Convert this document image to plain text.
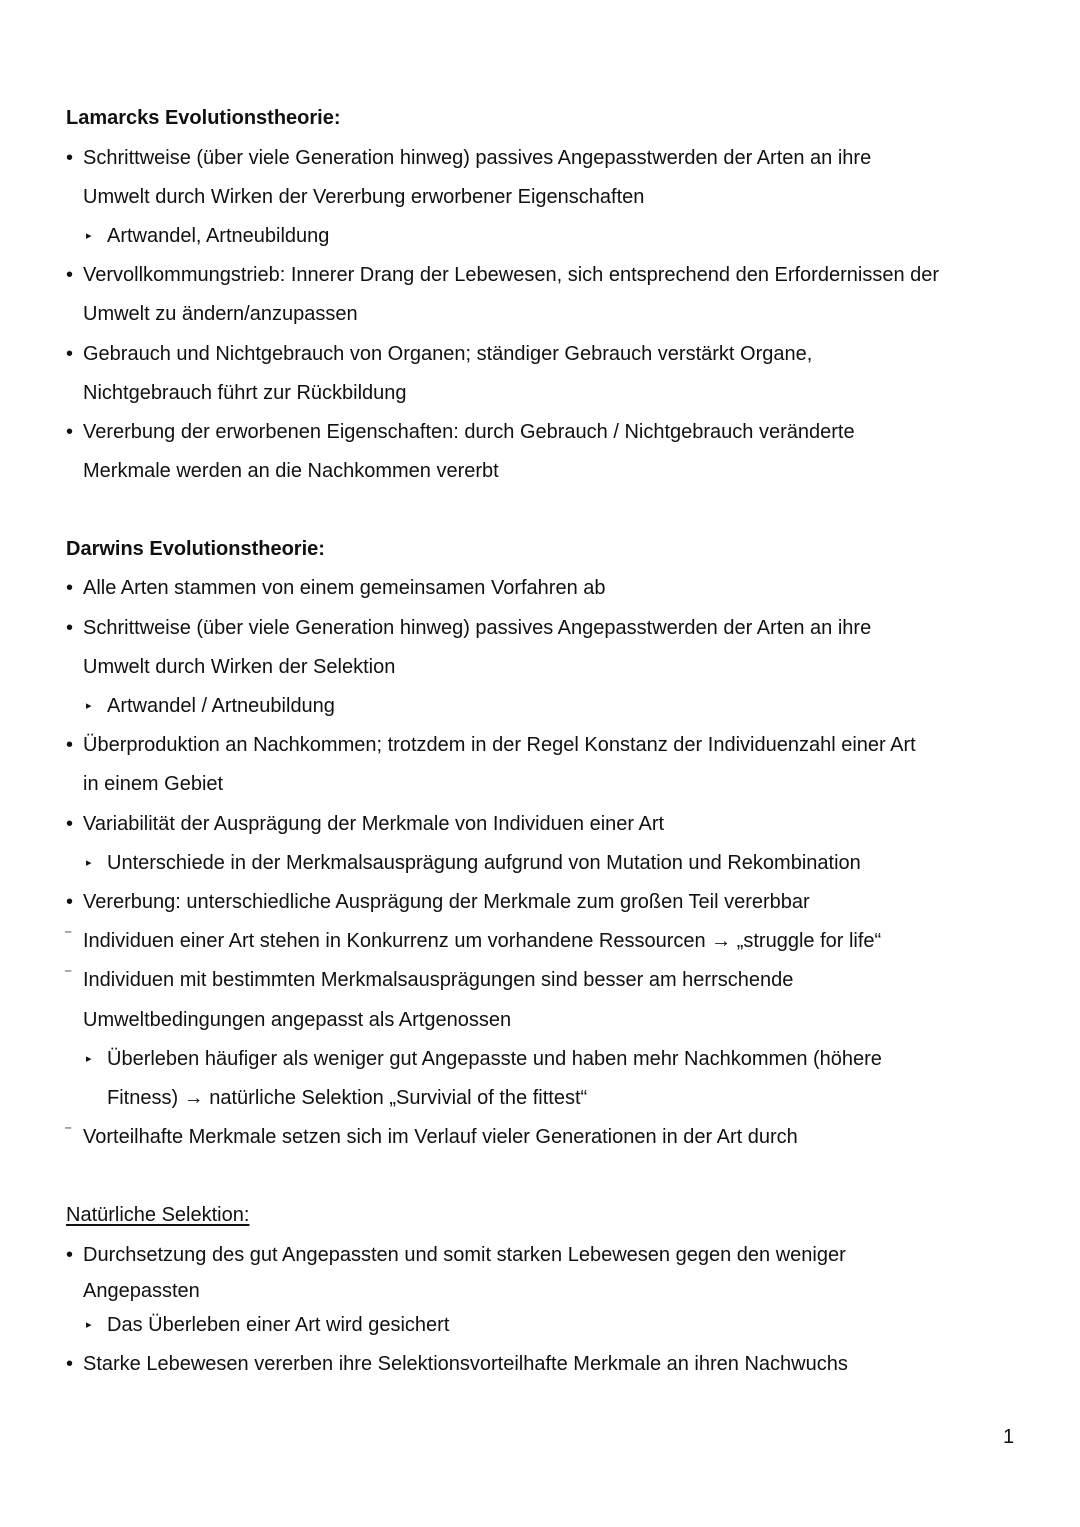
Lamarcks Evolutionstheorie:
• Schrittweise (über viele Generation hinweg) passives Angepasstwerden der Arten an ihre
Umwelt durch Wirken der Vererbung erworbener Eigenschaften
▸ Artwandel, Artneubildung
• Vervollkommungstrieb: Innerer Drang der Lebewesen, sich entsprechend den Erfordernissen der
Umwelt zu ändern/anzupassen
• Gebrauch und Nichtgebrauch von Organen; ständiger Gebrauch verstärkt Organe,
Nichtgebrauch führt zur Rückbildung
• Vererbung der erworbenen Eigenschaften: durch Gebrauch / Nichtgebrauch veränderte
Merkmale werden an die Nachkommen vererbt
Darwins Evolutionstheorie:
• Alle Arten stammen von einem gemeinsamen Vorfahren ab
• Schrittweise (über viele Generation hinweg) passives Angepasstwerden der Arten an ihre
Umwelt durch Wirken der Selektion
▸ Artwandel / Artneubildung
• Überproduktion an Nachkommen; trotzdem in der Regel Konstanz der Individuenzahl einer Art
in einem Gebiet
• Variabilität der Ausprägung der Merkmale von Individuen einer Art
▸ Unterschiede in der Merkmalsausprägung aufgrund von Mutation und Rekombination
• Vererbung: unterschiedliche Ausprägung der Merkmale zum großen Teil vererbbar
⁻ Individuen einer Art stehen in Konkurrenz um vorhandene Ressourcen → „struggle for life“
⁻ Individuen mit bestimmten Merkmalsausprägungen sind besser am herrschende
Umweltbedingungen angepasst als Artgenossen
▸ Überleben häufiger als weniger gut Angepasste und haben mehr Nachkommen (höhere
Fitness) → natürliche Selektion „Survivial of the fittest“
⁻ Vorteilhafte Merkmale setzen sich im Verlauf vieler Generationen in der Art durch
Natürliche Selektion:
• Durchsetzung des gut Angepassten und somit starken Lebewesen gegen den weniger
Angepassten
▸ Das Überleben einer Art wird gesichert
• Starke Lebewesen vererben ihre Selektionsvorteilhafte Merkmale an ihren Nachwuchs
1
